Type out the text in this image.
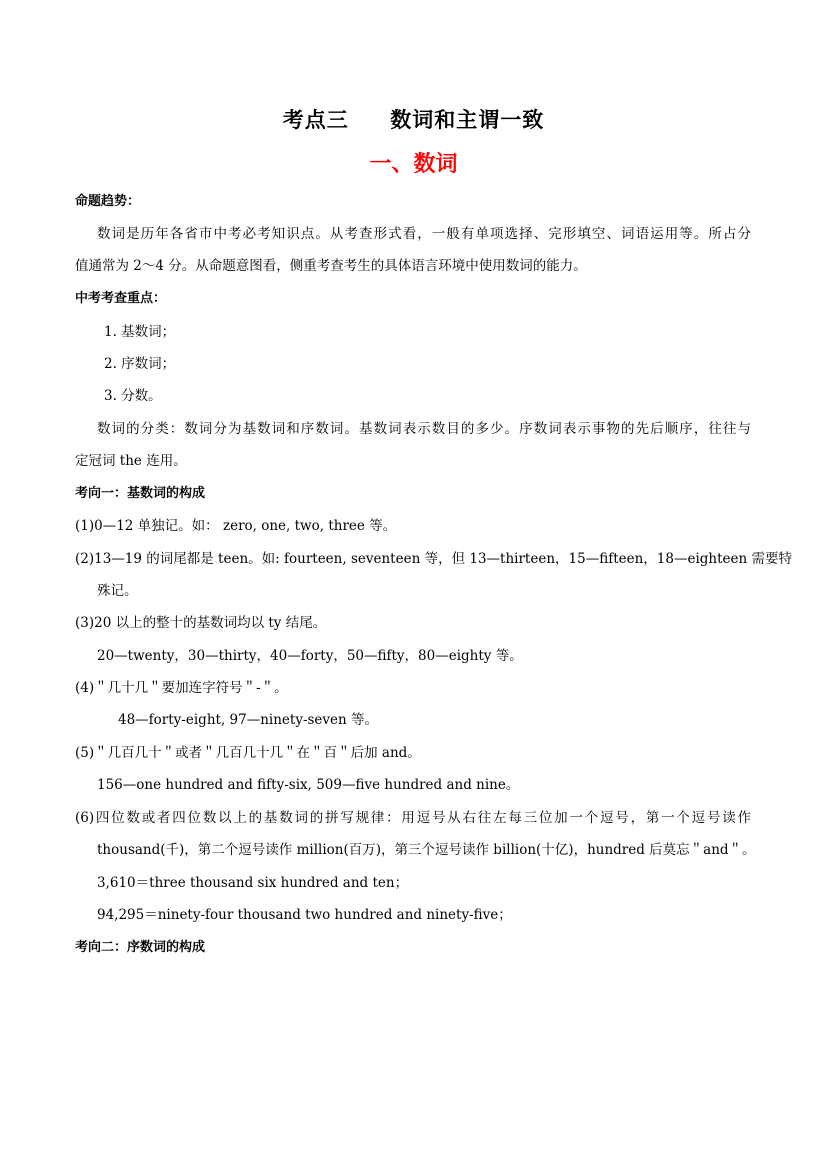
考点三     数词和主谓一致
一、数词
命题趋势：
数词是历年各省市中考必考知识点。从考查形式看，一般有单项选择、完形填空、词语运用等。所占分
值通常为 2～4 分。从命题意图看，侧重考查考生的具体语言环境中使用数词的能力。
中考考查重点：
1. 基数词；
2. 序数词；
3. 分数。
数词的分类：数词分为基数词和序数词。基数词表示数目的多少。序数词表示事物的先后顺序，往往与
定冠词 the 连用。
考向一：基数词的构成
(1)0—12 单独记。如： zero, one, two, three 等。
(2)13—19 的词尾都是 teen。如: fourteen, seventeen 等，但 13—thirteen，15—fifteen，18—eighteen 需要特
殊记。
(3)20 以上的整十的基数词均以 ty 结尾。
20—twenty，30—thirty，40—forty，50—fifty，80—eighty 等。
(4)＂几十几＂要加连字符号＂-＂。
48—forty-eight, 97—ninety-seven 等。
(5)＂几百几十＂或者＂几百几十几＂在＂百＂后加 and。
156—one hundred and fifty-six, 509—five hundred and nine。
(6)四位数或者四位数以上的基数词的拼写规律：用逗号从右往左每三位加一个逗号，第一个逗号读作
thousand(千)，第二个逗号读作 million(百万)，第三个逗号读作 billion(十亿)，hundred 后莫忘＂and＂。
3,610＝three thousand six hundred and ten；
94,295＝ninety-four thousand two hundred and ninety-five；
考向二：序数词的构成
